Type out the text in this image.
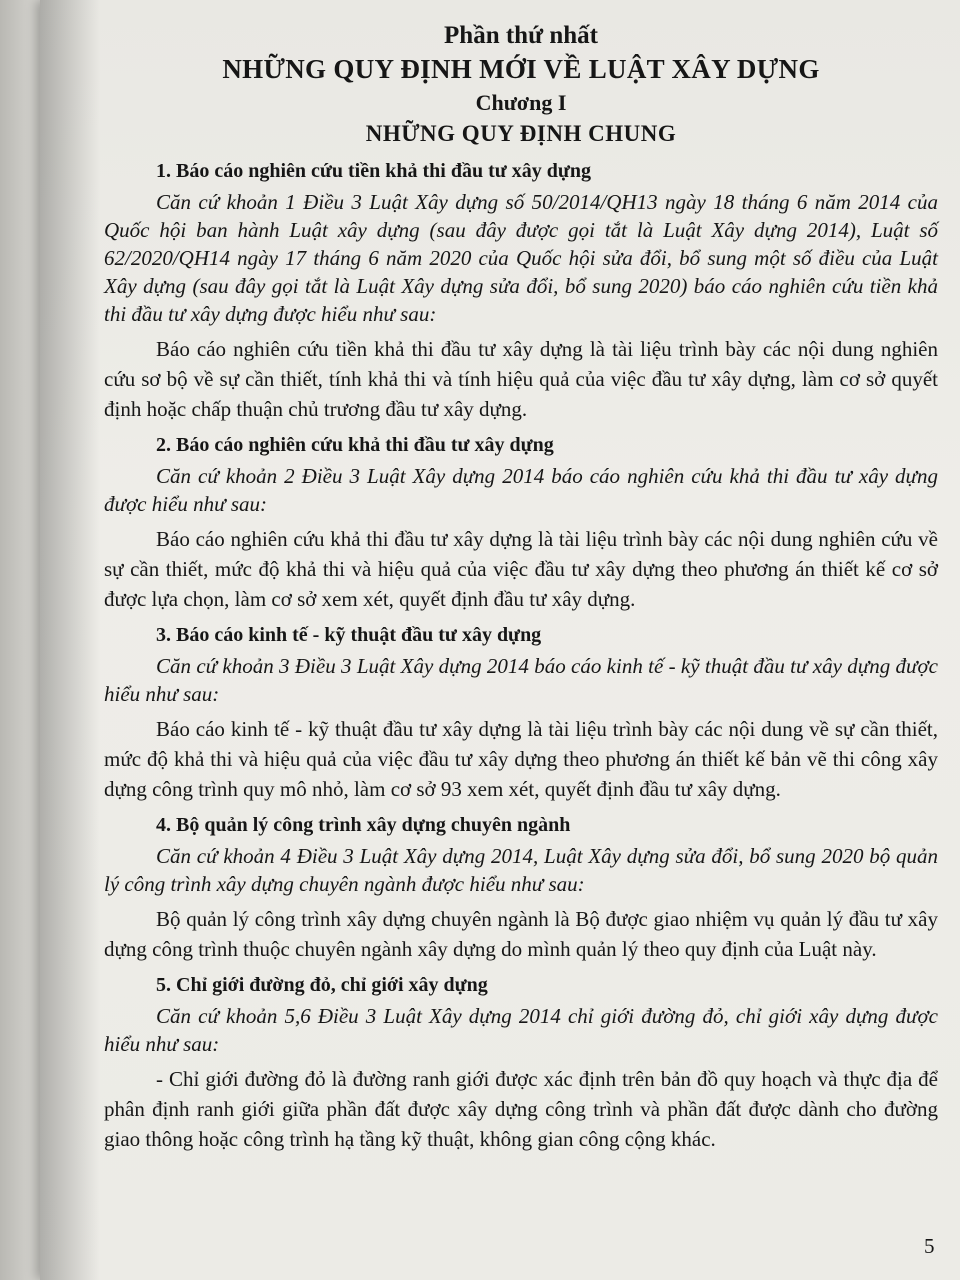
Phần thứ nhất

NHỮNG QUY ĐỊNH MỚI VỀ LUẬT XÂY DỰNG

Chương I

NHỮNG QUY ĐỊNH CHUNG

1. Báo cáo nghiên cứu tiền khả thi đầu tư xây dựng

Căn cứ khoản 1 Điều 3 Luật Xây dựng số 50/2014/QH13 ngày 18 tháng 6 năm 2014 của Quốc hội ban hành Luật xây dựng (sau đây được gọi tắt là Luật Xây dựng 2014), Luật số 62/2020/QH14 ngày 17 tháng 6 năm 2020 của Quốc hội sửa đổi, bổ sung một số điều của Luật Xây dựng (sau đây gọi tắt là Luật Xây dựng sửa đổi, bổ sung 2020) báo cáo nghiên cứu tiền khả thi đầu tư xây dựng được hiểu như sau:

Báo cáo nghiên cứu tiền khả thi đầu tư xây dựng là tài liệu trình bày các nội dung nghiên cứu sơ bộ về sự cần thiết, tính khả thi và tính hiệu quả của việc đầu tư xây dựng, làm cơ sở quyết định hoặc chấp thuận chủ trương đầu tư xây dựng.

2. Báo cáo nghiên cứu khả thi đầu tư xây dựng

Căn cứ khoản 2 Điều 3 Luật Xây dựng 2014 báo cáo nghiên cứu khả thi đầu tư xây dựng được hiểu như sau:

Báo cáo nghiên cứu khả thi đầu tư xây dựng là tài liệu trình bày các nội dung nghiên cứu về sự cần thiết, mức độ khả thi và hiệu quả của việc đầu tư xây dựng theo phương án thiết kế cơ sở được lựa chọn, làm cơ sở xem xét, quyết định đầu tư xây dựng.

3. Báo cáo kinh tế - kỹ thuật đầu tư xây dựng

Căn cứ khoản 3 Điều 3 Luật Xây dựng 2014 báo cáo kinh tế - kỹ thuật đầu tư xây dựng được hiểu như sau:

Báo cáo kinh tế - kỹ thuật đầu tư xây dựng là tài liệu trình bày các nội dung về sự cần thiết, mức độ khả thi và hiệu quả của việc đầu tư xây dựng theo phương án thiết kế bản vẽ thi công xây dựng công trình quy mô nhỏ, làm cơ sở 93 xem xét, quyết định đầu tư xây dựng.

4. Bộ quản lý công trình xây dựng chuyên ngành

Căn cứ khoản 4 Điều 3 Luật Xây dựng 2014, Luật Xây dựng sửa đổi, bổ sung 2020 bộ quản lý công trình xây dựng chuyên ngành được hiểu như sau:

Bộ quản lý công trình xây dựng chuyên ngành là Bộ được giao nhiệm vụ quản lý đầu tư xây dựng công trình thuộc chuyên ngành xây dựng do mình quản lý theo quy định của Luật này.

5. Chỉ giới đường đỏ, chỉ giới xây dựng

Căn cứ khoản 5,6 Điều 3 Luật Xây dựng 2014 chỉ giới đường đỏ, chỉ giới xây dựng được hiểu như sau:

- Chỉ giới đường đỏ là đường ranh giới được xác định trên bản đồ quy hoạch và thực địa để phân định ranh giới giữa phần đất được xây dựng công trình và phần đất được dành cho đường giao thông hoặc công trình hạ tầng kỹ thuật, không gian công cộng khác.

5
